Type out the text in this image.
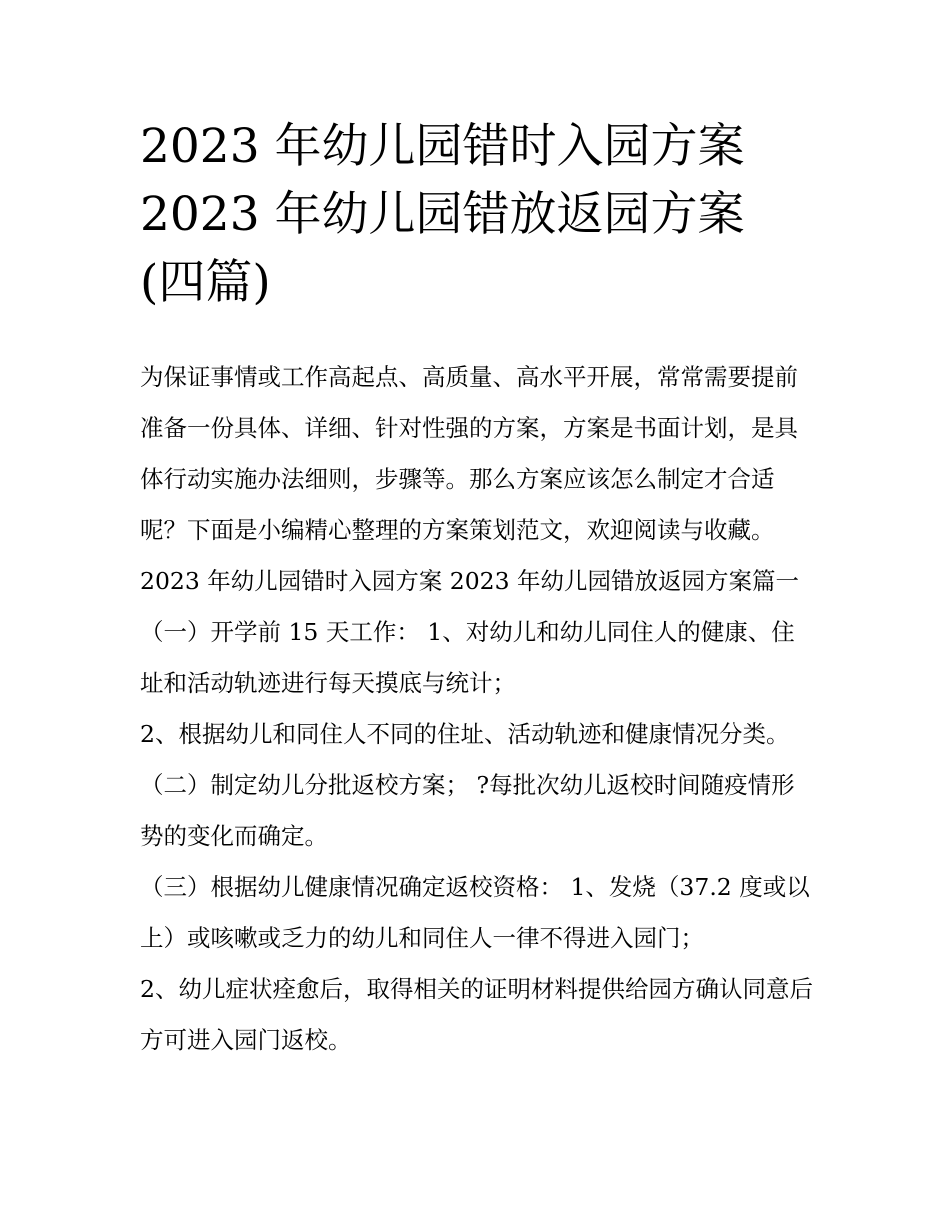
2023 年幼儿园错时入园方案
2023 年幼儿园错放返园方案
(四篇)

为保证事情或工作高起点、高质量、高水平开展，常常需要提前准备一份具体、详细、针对性强的方案，方案是书面计划，是具体行动实施办法细则，步骤等。那么方案应该怎么制定才合适呢？下面是小编精心整理的方案策划范文，欢迎阅读与收藏。

2023 年幼儿园错时入园方案 2023 年幼儿园错放返园方案篇一

（一）开学前 15 天工作： 1、对幼儿和幼儿同住人的健康、住址和活动轨迹进行每天摸底与统计；

2、根据幼儿和同住人不同的住址、活动轨迹和健康情况分类。 （二）制定幼儿分批返校方案； ?每批次幼儿返校时间随疫情形势的变化而确定。

（三）根据幼儿健康情况确定返校资格： 1、发烧（37.2 度或以上）或咳嗽或乏力的幼儿和同住人一律不得进入园门；

2、幼儿症状痊愈后，取得相关的证明材料提供给园方确认同意后方可进入园门返校。
